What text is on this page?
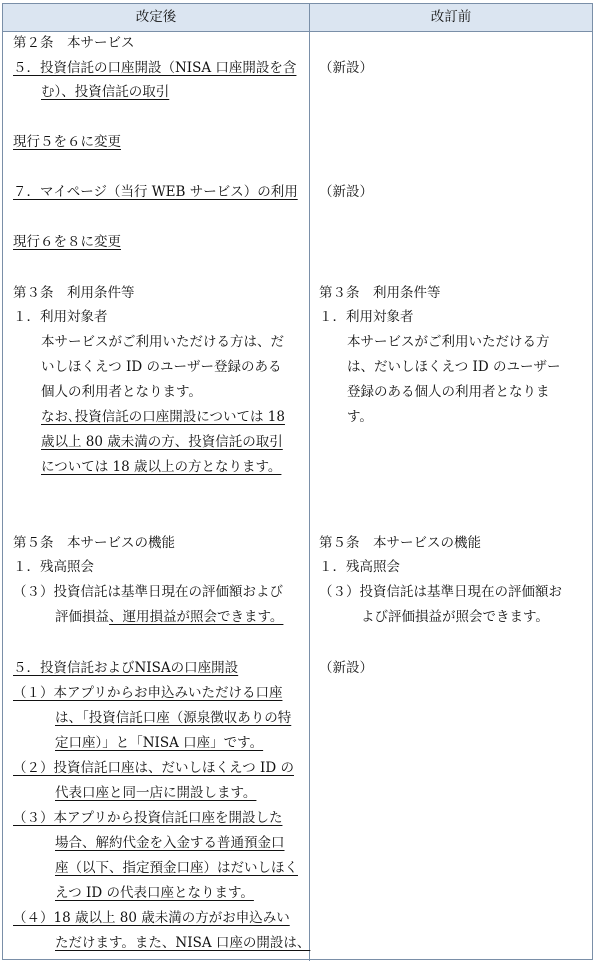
改定後	改訂前
第２条　本サービス
５．投資信託の口座開設（NISA 口座開設を含
む）、投資信託の取引
現行５を６に変更
７．マイページ（当行 WEB サービス）の利用
現行６を８に変更
第３条　利用条件等
１．利用対象者
本サービスがご利用いただける方は、だ
いしほくえつ ID のユーザー登録のある
個人の利用者となります。
なお､投資信託の口座開設については 18
歳以上 80 歳未満の方、投資信託の取引
については 18 歳以上の方となります。
第５条　本サービスの機能
１．残高照会
（３）投資信託は基準日現在の評価額および
評価損益、運用損益が照会できます。
５．投資信託およびNISAの口座開設
（１）本アプリからお申込みいただける口座
は、「投資信託口座（源泉徴収ありの特
定口座）」と「NISA 口座」です。
（２）投資信託口座は、だいしほくえつ ID の
代表口座と同一店に開設します。
（３）本アプリから投資信託口座を開設した
場合、解約代金を入金する普通預金口
座（以下、指定預金口座）はだいしほく
えつ ID の代表口座となります。
（４）18 歳以上 80 歳未満の方がお申込みい
ただけます。また、NISA 口座の開設は、
（新設）
（新設）
第３条　利用条件等
１．利用対象者
本サービスがご利用いただける方
は、だいしほくえつ ID のユーザー
登録のある個人の利用者となりま
す。
第５条　本サービスの機能
１．残高照会
（３）投資信託は基準日現在の評価額お
よび評価損益が照会できます。
（新設）
